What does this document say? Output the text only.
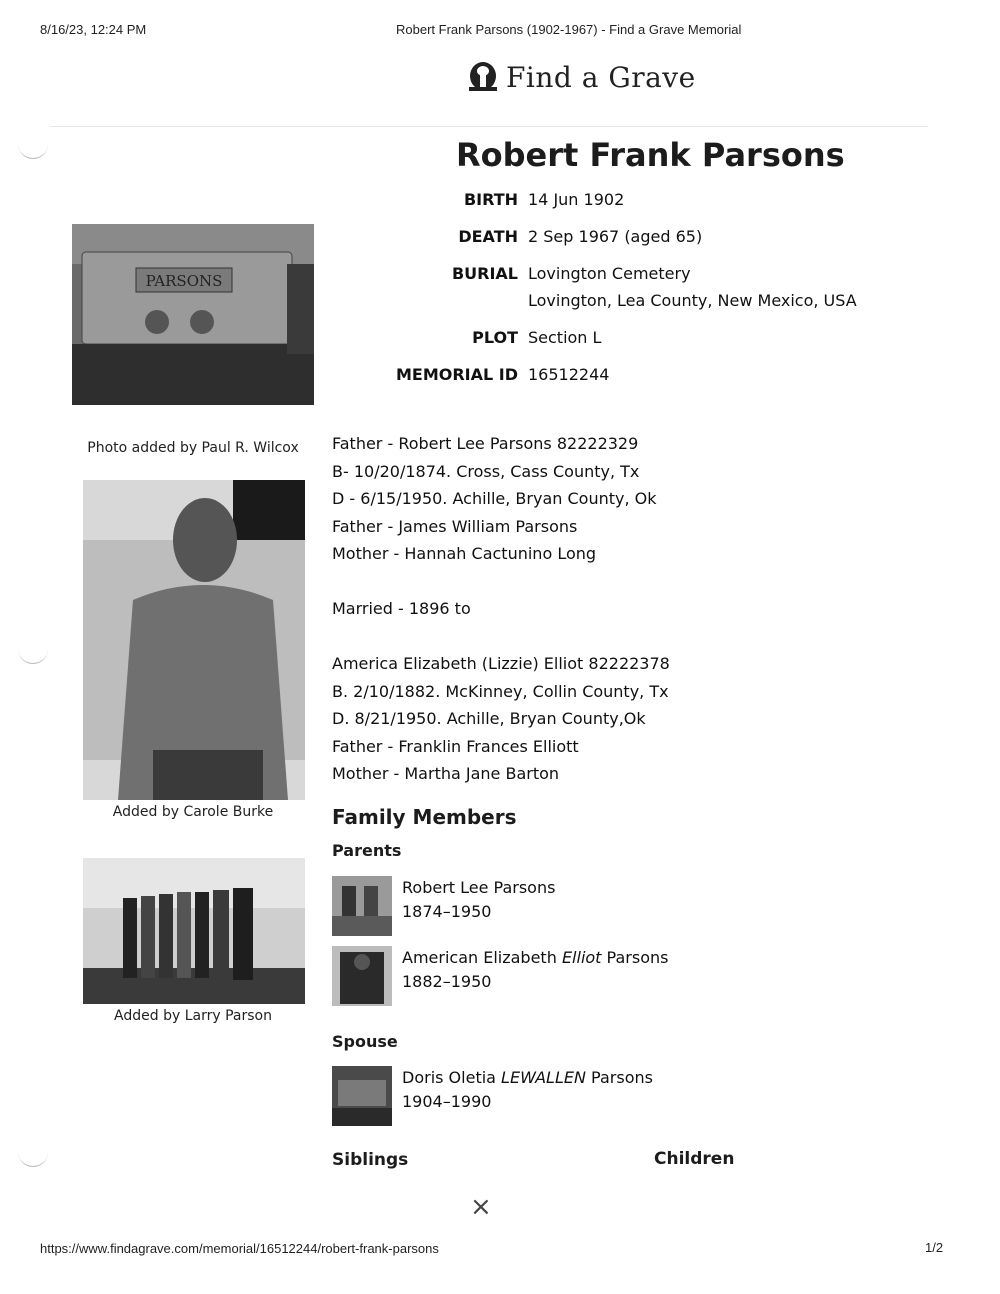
8/16/23, 12:24 PM	Robert Frank Parsons (1902-1967) - Find a Grave Memorial
Find a Grave
Robert Frank Parsons
BIRTH 14 Jun 1902
DEATH 2 Sep 1967 (aged 65)
BURIAL Lovington Cemetery
Lovington, Lea County, New Mexico, USA
PLOT Section L
MEMORIAL ID 16512244
PARSONS
Photo added by Paul R. Wilcox
Added by Carole Burke
Added by Larry Parson
Father - Robert Lee Parsons 82222329
B- 10/20/1874. Cross, Cass County, Tx
D - 6/15/1950. Achille, Bryan County, Ok
Father - James William Parsons
Mother - Hannah Cactunino Long
Married - 1896 to
America Elizabeth (Lizzie) Elliot 82222378
B. 2/10/1882. McKinney, Collin County, Tx
D. 8/21/1950. Achille, Bryan County,Ok
Father - Franklin Frances Elliott
Mother - Martha Jane Barton
Family Members
Parents
Robert Lee Parsons
1874–1950
American Elizabeth Elliot Parsons
1882–1950
Spouse
Doris Oletia LEWALLEN Parsons
1904–1990
Siblings	Children
×
https://www.findagrave.com/memorial/16512244/robert-frank-parsons	1/2
